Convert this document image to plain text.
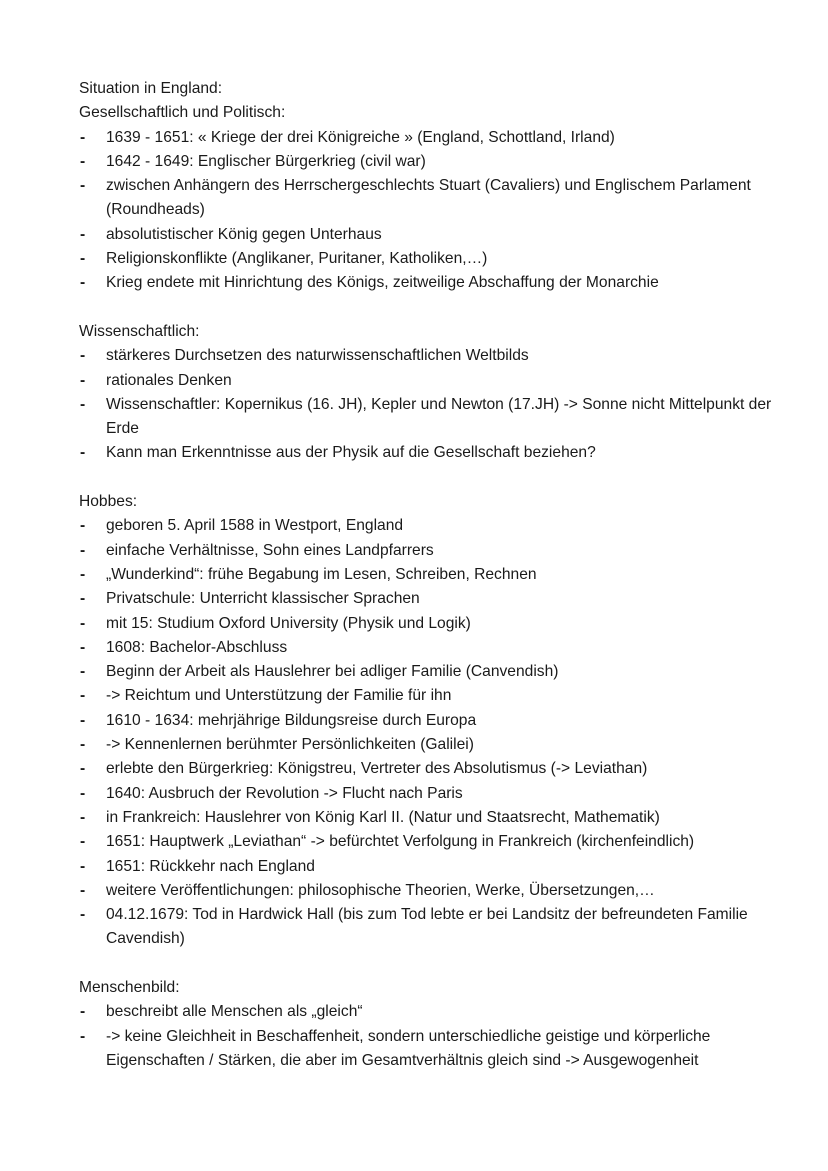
Situation in England:
Gesellschaftlich und Politisch:
- 1639 - 1651: « Kriege der drei Königreiche » (England, Schottland, Irland)
- 1642 - 1649: Englischer Bürgerkrieg (civil war)
- zwischen Anhängern des Herrschergeschlechts Stuart (Cavaliers) und Englischem Parlament (Roundheads)
- absolutistischer König gegen Unterhaus
- Religionskonflikte (Anglikaner, Puritaner, Katholiken,…)
- Krieg endete mit Hinrichtung des Königs, zeitweilige Abschaffung der Monarchie
Wissenschaftlich:
- stärkeres Durchsetzen des naturwissenschaftlichen Weltbilds
- rationales Denken
- Wissenschaftler: Kopernikus (16. JH), Kepler und Newton (17.JH) -> Sonne nicht Mittelpunkt der Erde
- Kann man Erkenntnisse aus der Physik auf die Gesellschaft beziehen?
Hobbes:
- geboren 5. April 1588 in Westport, England
- einfache Verhältnisse, Sohn eines Landpfarrers
- „Wunderkind“: frühe Begabung im Lesen, Schreiben, Rechnen
- Privatschule: Unterricht klassischer Sprachen
- mit 15: Studium Oxford University (Physik und Logik)
- 1608: Bachelor-Abschluss
- Beginn der Arbeit als Hauslehrer bei adliger Familie (Canvendish)
- -> Reichtum und Unterstützung der Familie für ihn
- 1610 - 1634: mehrjährige Bildungsreise durch Europa
- -> Kennenlernen berühmter Persönlichkeiten (Galilei)
- erlebte den Bürgerkrieg: Königstreu, Vertreter des Absolutismus (-> Leviathan)
- 1640: Ausbruch der Revolution -> Flucht nach Paris
- in Frankreich: Hauslehrer von König Karl II. (Natur und Staatsrecht, Mathematik)
- 1651: Hauptwerk „Leviathan“ -> befürchtet Verfolgung in Frankreich (kirchenfeindlich)
- 1651: Rückkehr nach England
- weitere Veröffentlichungen: philosophische Theorien, Werke, Übersetzungen,…
- 04.12.1679: Tod in Hardwick Hall (bis zum Tod lebte er bei Landsitz der befreundeten Familie Cavendish)
Menschenbild:
- beschreibt alle Menschen als „gleich“
- -> keine Gleichheit in Beschaffenheit, sondern unterschiedliche geistige und körperliche Eigenschaften / Stärken, die aber im Gesamtverhältnis gleich sind -> Ausgewogenheit
